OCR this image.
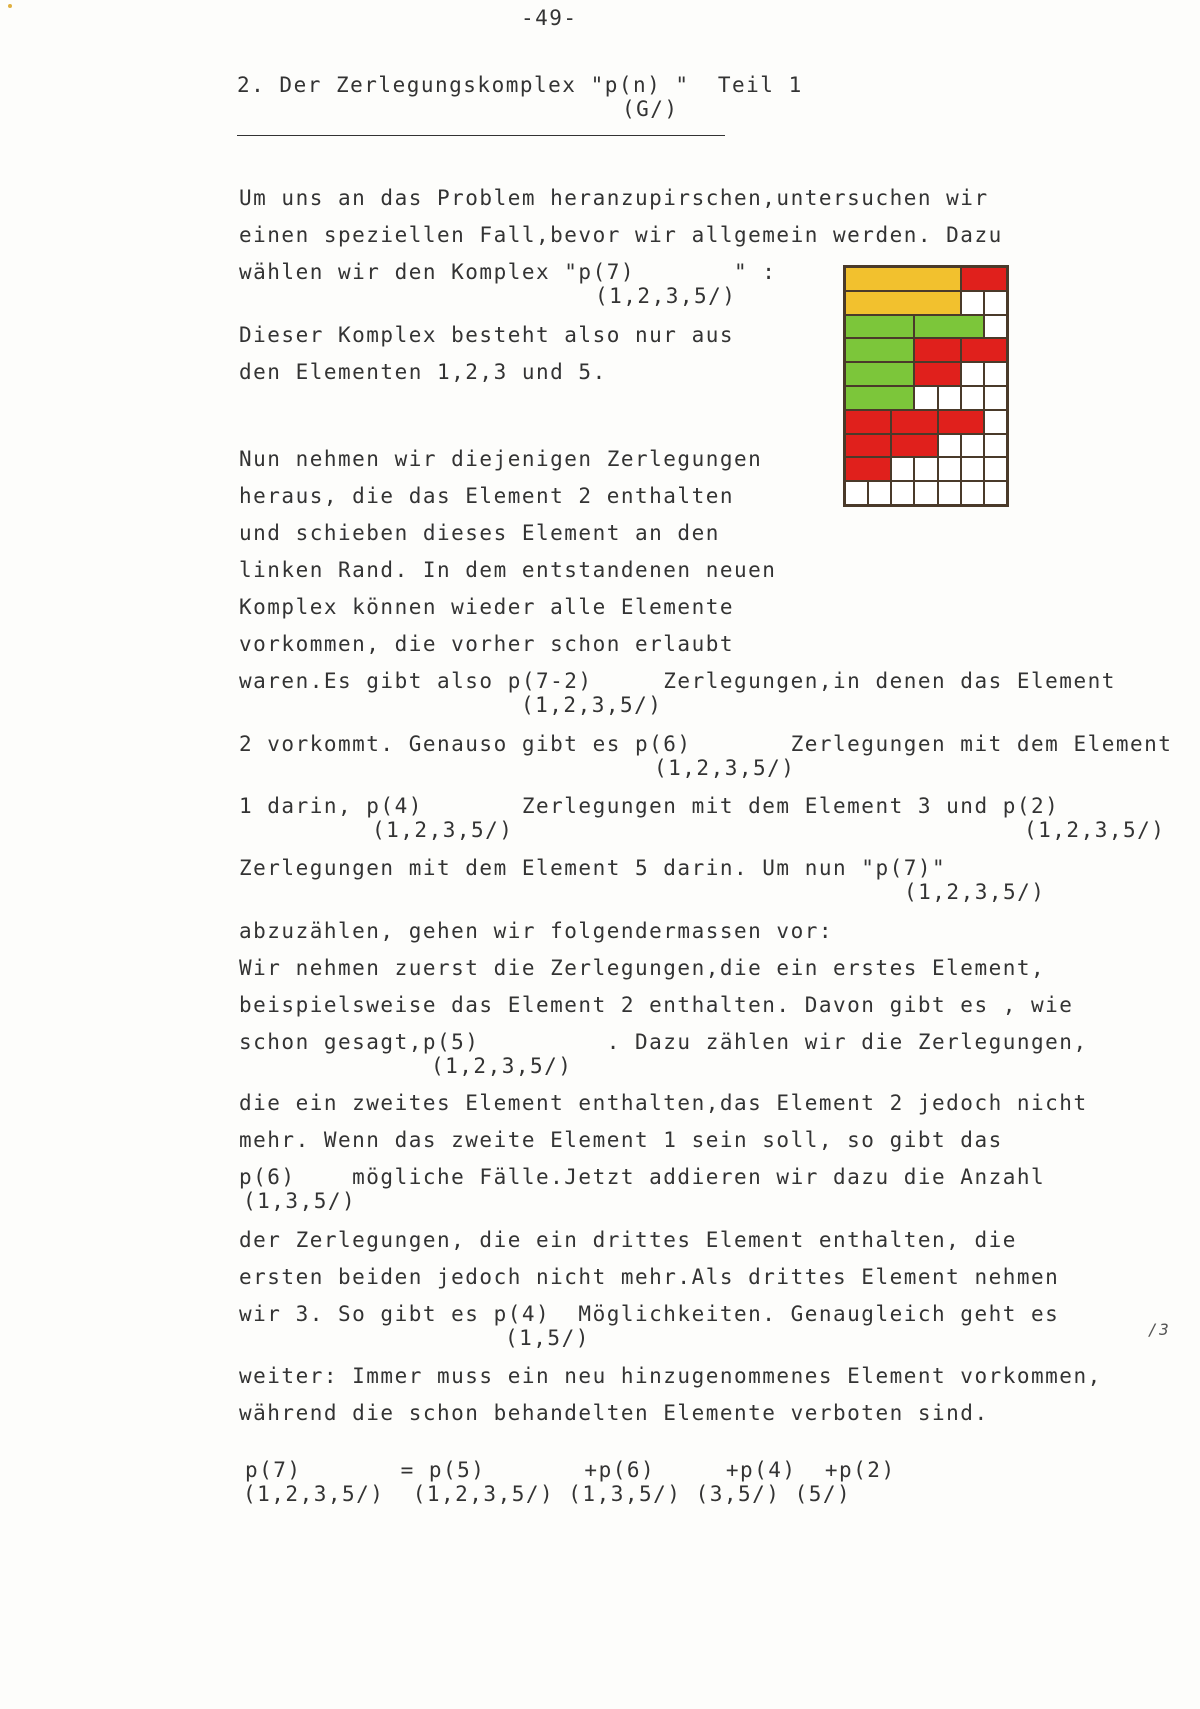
-49-
2. Der Zerlegungskomplex "p(n) "  Teil 1
(G/)
Um uns an das Problem heranzupirschen,untersuchen wir
einen speziellen Fall,bevor wir allgemein werden. Dazu
wählen wir den Komplex "p(7)       " :
(1,2,3,5/)
Dieser Komplex besteht also nur aus
den Elementen 1,2,3 und 5.
Nun nehmen wir diejenigen Zerlegungen
heraus, die das Element 2 enthalten
und schieben dieses Element an den
linken Rand. In dem entstandenen neuen
Komplex können wieder alle Elemente
vorkommen, die vorher schon erlaubt
waren.Es gibt also p(7-2)     Zerlegungen,in denen das Element
(1,2,3,5/)
2 vorkommt. Genauso gibt es p(6)       Zerlegungen mit dem Element
(1,2,3,5/)
1 darin, p(4)       Zerlegungen mit dem Element 3 und p(2)
(1,2,3,5/)	(1,2,3,5/)
Zerlegungen mit dem Element 5 darin. Um nun "p(7)"
(1,2,3,5/)
abzuzählen, gehen wir folgendermassen vor:
Wir nehmen zuerst die Zerlegungen,die ein erstes Element,
beispielsweise das Element 2 enthalten. Davon gibt es , wie
schon gesagt,p(5)         . Dazu zählen wir die Zerlegungen,
(1,2,3,5/)
die ein zweites Element enthalten,das Element 2 jedoch nicht
mehr. Wenn das zweite Element 1 sein soll, so gibt das
p(6)    mögliche Fälle.Jetzt addieren wir dazu die Anzahl
(1,3,5/)
der Zerlegungen, die ein drittes Element enthalten, die
ersten beiden jedoch nicht mehr.Als drittes Element nehmen
wir 3. So gibt es p(4)  Möglichkeiten. Genaugleich geht es
(1,5/)
weiter: Immer muss ein neu hinzugenommenes Element vorkommen,
während die schon behandelten Elemente verboten sind.
p(7)       = p(5)       +p(6)     +p(4)  +p(2)
(1,2,3,5/)  (1,2,3,5/) (1,3,5/) (3,5/) (5/)
/3
